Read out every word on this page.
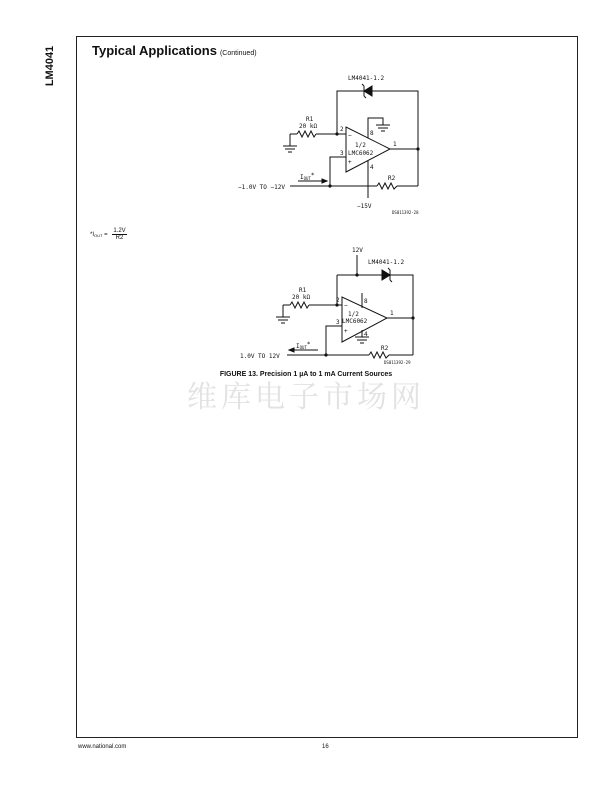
LM4041	Typical Applications (Continued)
LM4041-1.2
R1
20 kΩ	2
3
8
4
1
−
+
1/2
LMC6062
R2
IOUT*
−1.0V TO −12V
−15V
DS011392-28
12V
LM4041-1.2
R1
20 kΩ	2
3
8
4
1
−
+
1/2
LMC6062
R2
IOUT*
1.0V TO 12V
DS011392-29
*I OUT = $\frac{1.2V}{R2}$
维库电子市场网
FIGURE 13. Precision 1 µA to 1 mA Current Sources
www.national.com	16
